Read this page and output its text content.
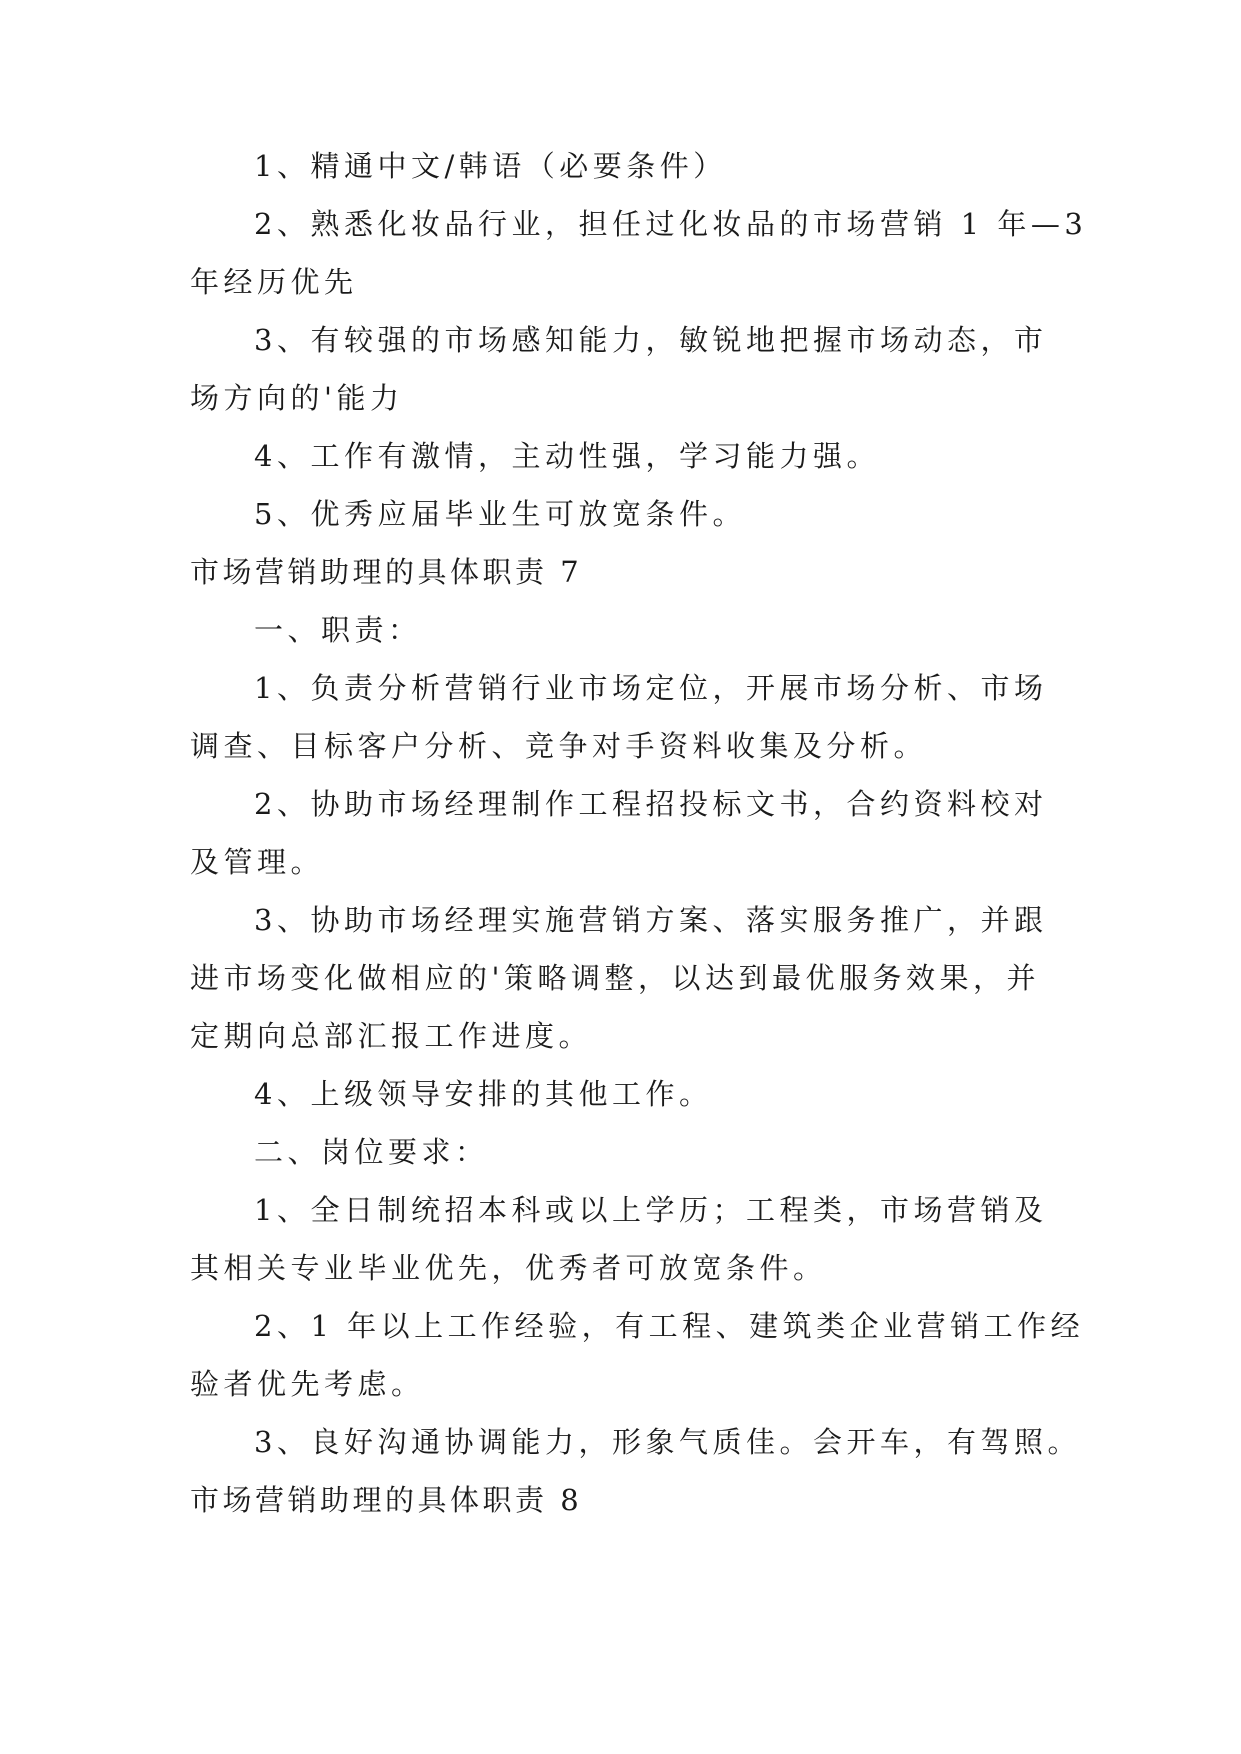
1、精通中文/韩语（必要条件）
2、熟悉化妆品行业，担任过化妆品的市场营销 1 年—3
年经历优先
3、有较强的市场感知能力，敏锐地把握市场动态，市
场方向的'能力
4、工作有激情，主动性强，学习能力强。
5、优秀应届毕业生可放宽条件。
市场营销助理的具体职责 7
一、职责：
1、负责分析营销行业市场定位，开展市场分析、市场
调查、目标客户分析、竞争对手资料收集及分析。
2、协助市场经理制作工程招投标文书，合约资料校对
及管理。
3、协助市场经理实施营销方案、落实服务推广，并跟
进市场变化做相应的'策略调整，以达到最优服务效果，并
定期向总部汇报工作进度。
4、上级领导安排的其他工作。
二、岗位要求：
1、全日制统招本科或以上学历；工程类，市场营销及
其相关专业毕业优先，优秀者可放宽条件。
2、1 年以上工作经验，有工程、建筑类企业营销工作经
验者优先考虑。
3、良好沟通协调能力，形象气质佳。会开车，有驾照。
市场营销助理的具体职责 8
